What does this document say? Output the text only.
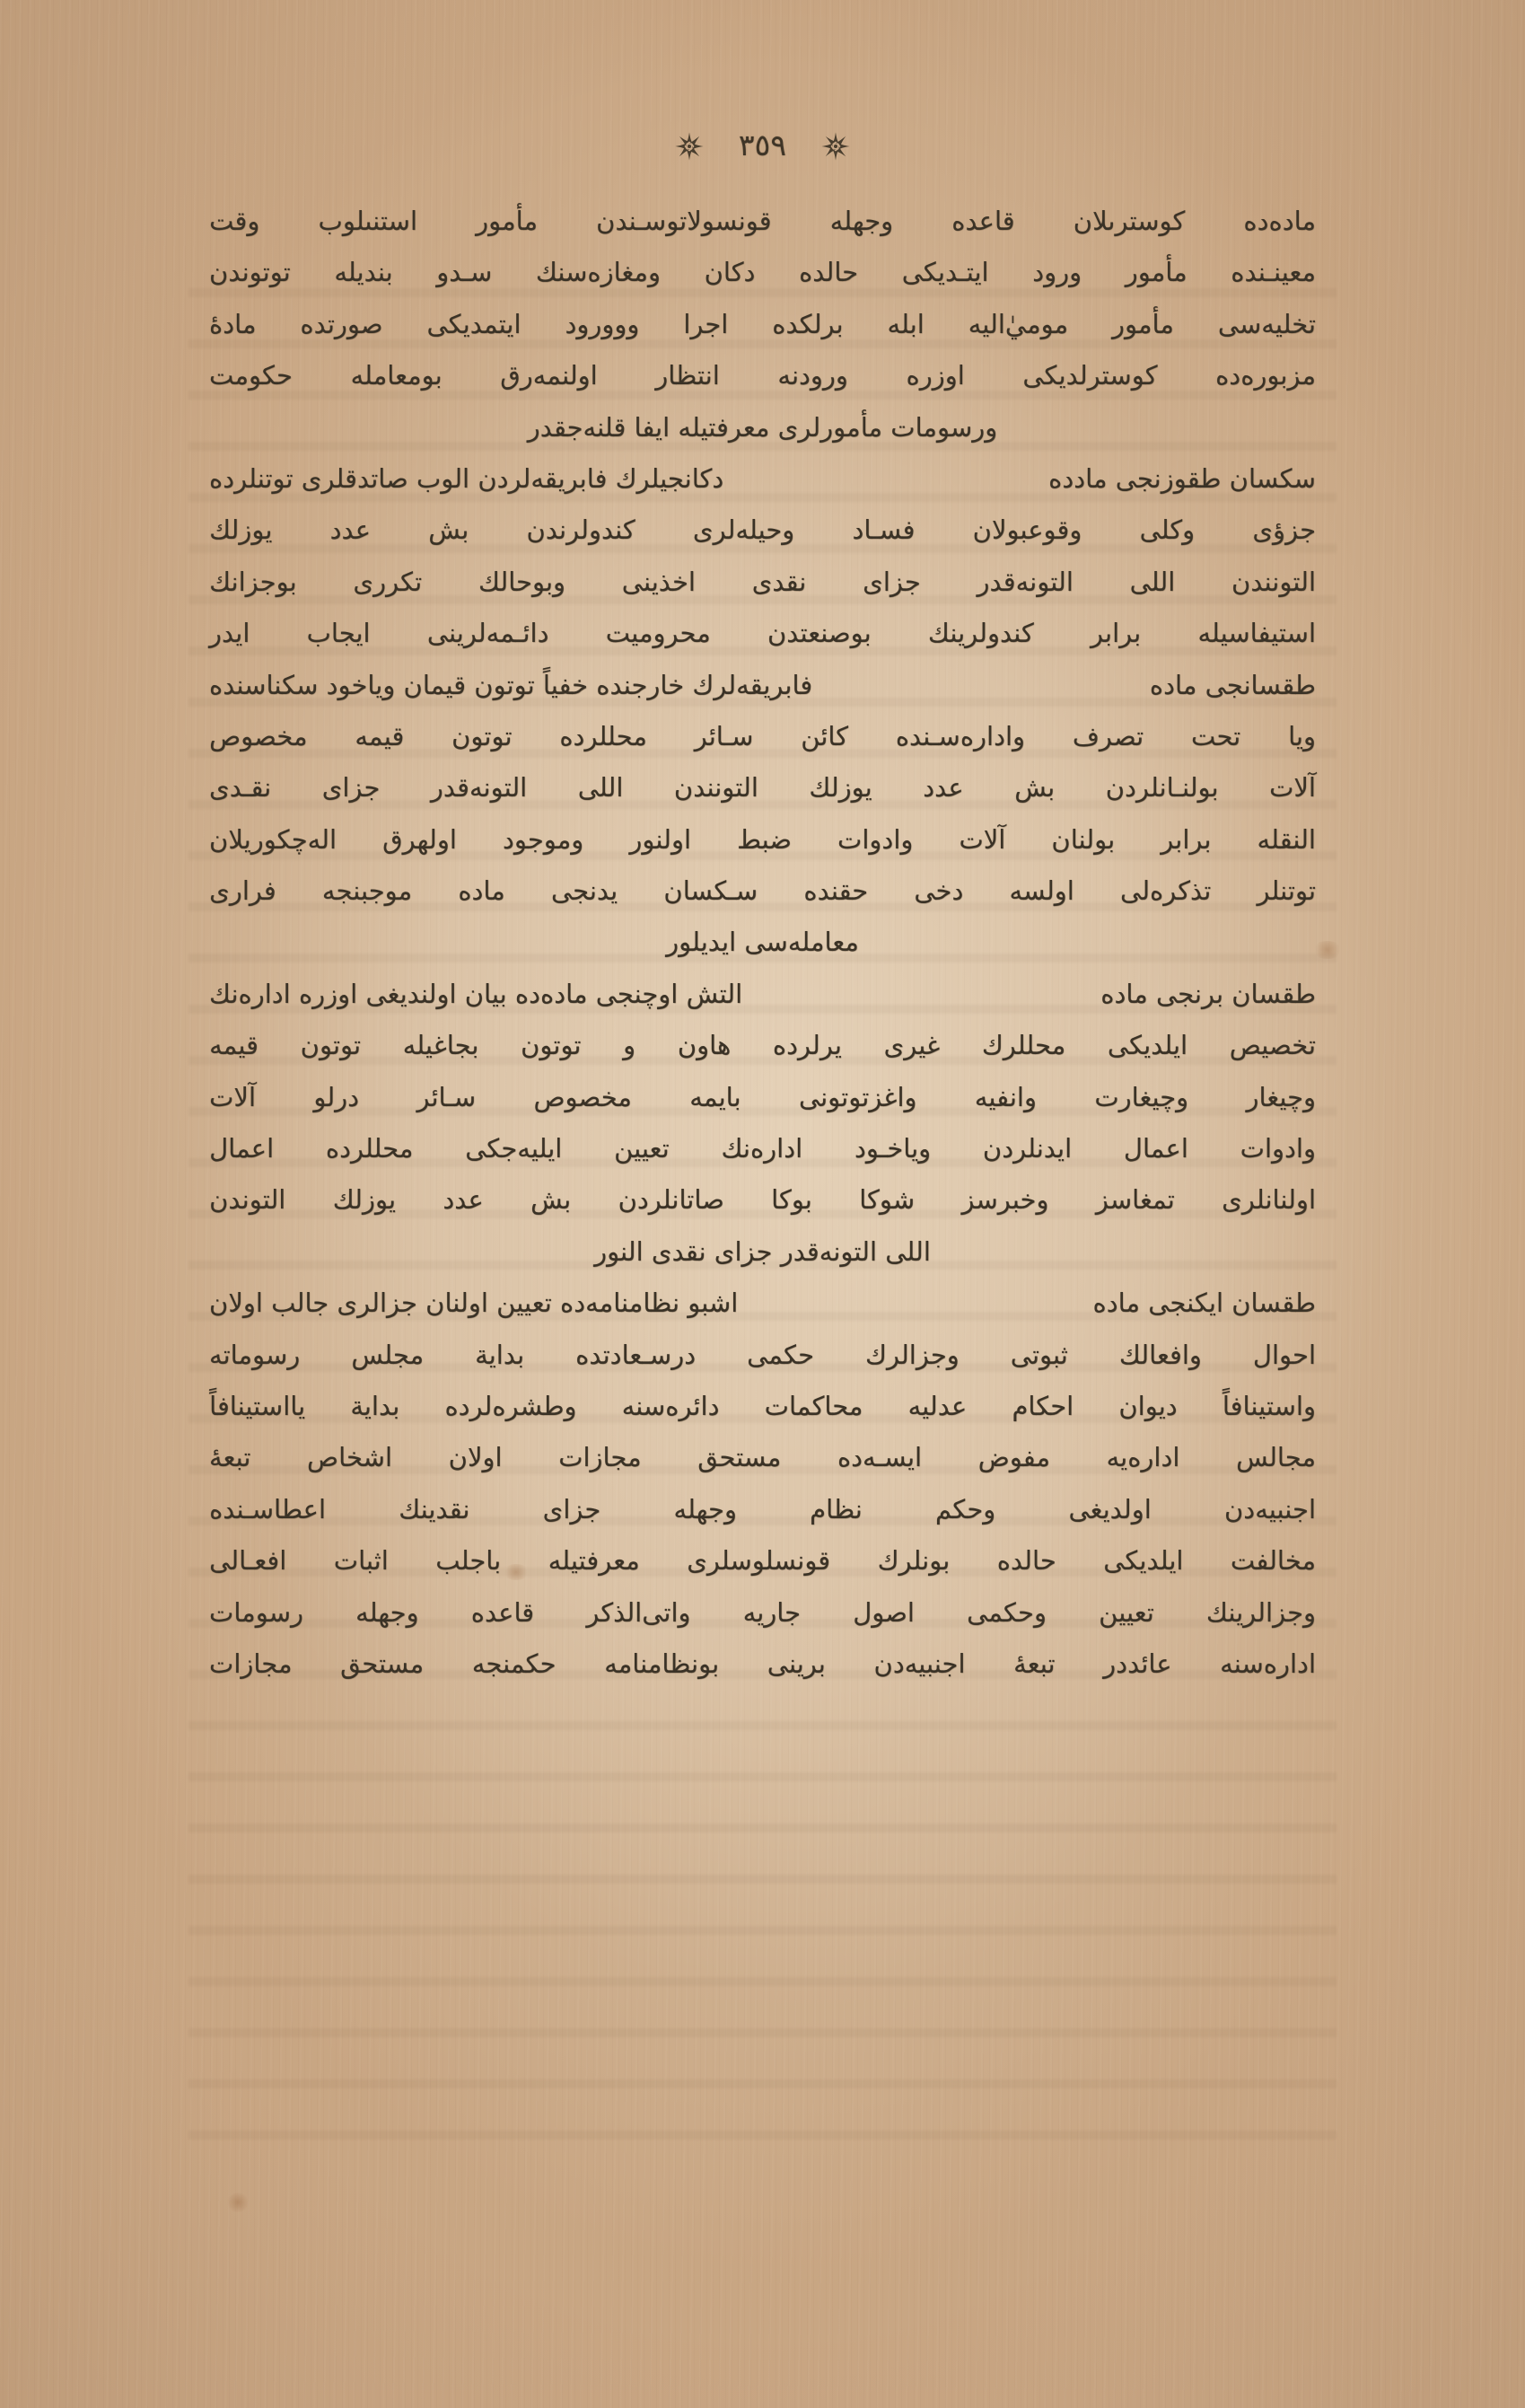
٣٥٩
ماده‌ده
كوسترىلان
قاعده
وجهله
قونسولاتوسـندن
مأمور
استنىلوب
وقت
معينـنده
مأمور
ورود
ايتـديكى
حالده
دكان
ومغازه‌سنك
سـدو
بنديله
توتوندن
تخليه‌سى
مأمور
موميٰ‌اليه
ابله
برلكده
اجرا
ووورود
ايتمديكى
صورتده
مادهٔ
مزبوره‌ده
كوسترلديكى
اوزره
ورودنه
انتظار
اولنمه‌رق
بومعامله
حكومت
ورسومات مأمورلرى معرفتيله ايفا قلنه‌جقدر
سكسان طقوزنجى مادده
دكانجيلرك فابريقه‌لردن الوب صاتدقلرى توتنلرده
جزؤى
وكلى
وقوعبولان
فسـاد
وحيله‌لرى
كندولرندن
بش
عدد
يوزلك
التونندن
اللى
التونه‌قدر
جزاى
نقدى
اخذينى
وبوحالك
تكررى
بوجزانك
استيفاسيله
برابر
كندولرينك
بوصنعتدن
محروميت
دائـمه‌لرينى
ايجاب
ايدر
طقسانجى ماده
فابريقه‌لرك خارجنده خفياً توتون قيمان وياخود سكناسنده
ويا
تحت
تصرف
واداره‌سـنده
كائن
سـائر
محللرده
توتون
قيمه
مخصوص
آلات
بولنـانلردن
بش
عدد
يوزلك
التونندن
اللى
التونه‌قدر
جزاى
نقـدى
النقله
برابر
بولنان
آلات
وادوات
ضبط
اولنور
وموجود
اولهرق
اله‌چكوريلان
توتنلر
تذكره‌لى
اولسه
دخى
حقنده
سـكسان
يدنجى
ماده
موجبنجه
فرارى
معامله‌سى ايديلور
طقسان برنجى ماده
التش اوچنجى ماده‌ده بيان اولنديغى اوزره اداره‌نك
تخصيص
ايلديكى
محللرك
غيرى
يرلرده
هاون
و
توتون
بجاغيله
توتون
قيمه
وچيغار
وچيغارت
وانفيه
واغزتوتونى
بايمه
مخصوص
سـائر
درلو
آلات
وادوات
اعمال
ايدنلردن
وياخـود
اداره‌نك
تعيين
ايليه‌جكى
محللرده
اعمال
اولنانلرى
تمغاسز
وخبرسز
شوكا
بوكا
صاتانلردن
بش
عدد
يوزلك
التوندن
اللى التونه‌قدر جزاى نقدى النور
طقسان ايكنجى ماده
اشبو نظامنامه‌ده تعيين اولنان جزالرى جالب اولان
احوال
وافعالك
ثبوتى
وجزالرك
حكمى
درسـعادتده
بداية
مجلس
رسوماته
واستينافاً
ديوان
احكام
عدليه
محاكمات
دائره‌سنه
وطشره‌لرده
بداية
يااستينافاً
مجالس
اداره‌يه
مفوض
ايسـه‌ده
مستحق
مجازات
اولان
اشخاص
تبعهٔ
اجنبيه‌دن
اولديغى
وحكم
نظام
وجهله
جزاى
نقدينك
اعطاسـنده
مخالفت
ايلديكى
حالده
بونلرك
قونسلوسلرى
معرفتيله
باجلب
اثبات
افعـالى
وجزالرينك
تعيين
وحكمى
اصول
جاريه
واتى‌الذكر
قاعده
وجهله
رسومات
اداره‌سنه
عائددر
تبعهٔ
اجنبيه‌دن
برينى
بونظامنامه
حكمنجه
مستحق
مجازات
